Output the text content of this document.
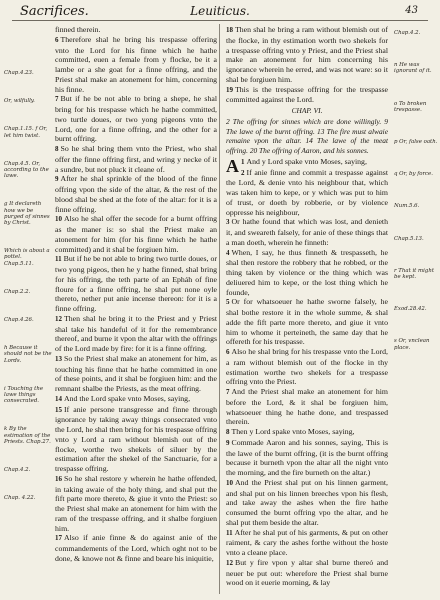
Sacrifices.	Leuiticus.	43

finned therein.

6 Therefore shal he bring his trespasse offering vnto the Lord for his finne which he hathe committed, euen a female from y flocke, be it a lambe or a she goat for a finne offring, and the Priest shal make an atonement for him, concerning his finne.

7 But if he be not able to bring a shepe, he shal bring for his trespasse which he hathe committed, two turtle doues, or two yong pigeons vnto the Lord, one for a finne offring, and the other for a burnt offring.

8 So he shal bring them vnto the Priest, who shal offer the finne offring first, and wring y necke of it a sundre, but not pluck it cleane of.

9 After he shal sprinkle of the blood of the finne offring vpon the side of the altar, & the rest of the blood shal be shed at the fote of the altar: for it is a finne offring.

10 Also he shal offer the secode for a burnt offring as the maner is: so shal the Priest make an atonement for him (for his finne which he hathe committed) and it shal be forgiuen him.

11 But if he be not able to bring two turtle doues, or two yong pigeos, then he y hathe finned, shal bring for his offring, the teth parte of an Epháh of fine floure for a finne offring, he shal put none oyle thereto, nether put anie incense thereon: for it is a finne offring.

12 Then shal he bring it to the Priest and y Priest shal take his handeful of it for the remembrance thereof, and burne it vpon the altar with the offrings of the Lord made by fire: for it is a finne offring.

13 So the Priest shal make an atonement for him, as touching his finne that he hathe committed in one of these points, and it shal be forgiuen him: and the remnant shalbe the Priests, as the meat offring.

14 And the Lord spake vnto Moses, saying,

15 If anie persone transgresse and finne through ignorance by taking away things consecrated vnto the Lord, he shal then bring for his trespasse offring vnto y Lord a ram without blemish out of the flocke, worthe two shekels of siluer by the estimation after the shekel of the Sanctuarie, for a trespasse offring.

16 So he shal restore y wherein he hathe offended, in taking awaie of the holy thing, and shal put the fift parte more thereto, & giue it vnto the Priest: so the Priest shal make an atonement for him with the ram of the trespasse offring, and it shalbe forgiuen him.

17 Also if anie finne & do against anie of the commandements of the Lord, which oght not to be done, & knowe not & finne and beare his iniquitie,

18 Then shal he bring a ram without blemish out of the flocke, in thy estimation worth two shekels for a trespasse offring vnto y Priest, and the Priest shal make an atonement for him concerning his ignorance wherein he erred, and was not ware: so it shal be forgiuen him.

19 This is the trespasse offring for the trespasse committed against the Lord.

CHAP. VI.
2 The offring for sinnes which are done willingly. 9 The lawe of the burnt offring. 13 The fire must alwaie remaine vpon the altar. 14 The lawe of the meat offring. 20 The offring of Aaron, and his sonnes.

A 1 And y Lord spake vnto Moses, saying,

2 If anie finne and commit a trespasse against the Lord, & denie vnto his neighbour that, which was taken him to kepe, or y which was put to him of trust, or doeth by robberie, or by violence oppresse his neighbour,

3 Or hathe found that which was lost, and denieth it, and sweareth falsely, for anie of these things that a man doeth, wherein he finneth:

4 When, I say, he thus finneth & trespasseth, he shal then restore the robbery that he robbed, or the thing taken by violence or the thing which was deliuered him to kepe, or the lost thing which he founde,

5 Or for whatsoeuer he hathe sworne falsely, he shal bothe restore it in the whole summe, & shal adde the fift parte more thereto, and giue it vnto him to whome it perteineth, the same day that he offereth for his trespasse.

6 Also he shal bring for his trespasse vnto the Lord, a ram without blemish out of the flocke in thy estimation worthe two shekels for a trespasse offring vnto the Priest.

7 And the Priest shal make an atonement for him before the Lord, & it shal be forgiuen him, whatsoeuer thing he hathe done, and trespassed therein.

8 Then y Lord spake vnto Moses, saying,

9 Commade Aaron and his sonnes, saying, This is the lawe of the burnt offring, (it is the burnt offring because it burneth vpon the altar all the night vnto the morning, and the fire burneth on the altar.)

10 And the Priest shal put on his linnen garment, and shal put on his linnen breeches vpon his flesh, and take away the ashes when the fire hathe consumed the burnt offring vpo the altar, and he shal put them beside the altar.

11 After he shal put of his garments, & put on other raiment, & cary the ashes forthe without the hoste vnto a cleane place.

12 But y fire vpon y altar shal burne thereó and neuer be put out: wherefore the Priest shal burne wood on it euerie morning, & lay

Chap.4.23.
Or, wilfully.
Chap.1.15. f Or, let him twist.
Chap.4.5. Or, according to the lawe.
g It declareth how we be purged of sinnes by Christ.
Which is about a pottel. Chap.5.11.
Chap.2.2.
Chap.4.26.
h Because it should not be the Lords.
i Touching the lawe things consecrated.
k By the estimation of the Priests. Chap.27.
Chap.4.2.
Chap. 4.22.
Chap.4.2.
n He was ignorant of it.
o To broken trespasse.
p Or, false oath.
q Or, by force.
Num.5.6.
Chap.5.13.
r That it might be kept.
Exod.28.42.
s Or, vnclean place.
